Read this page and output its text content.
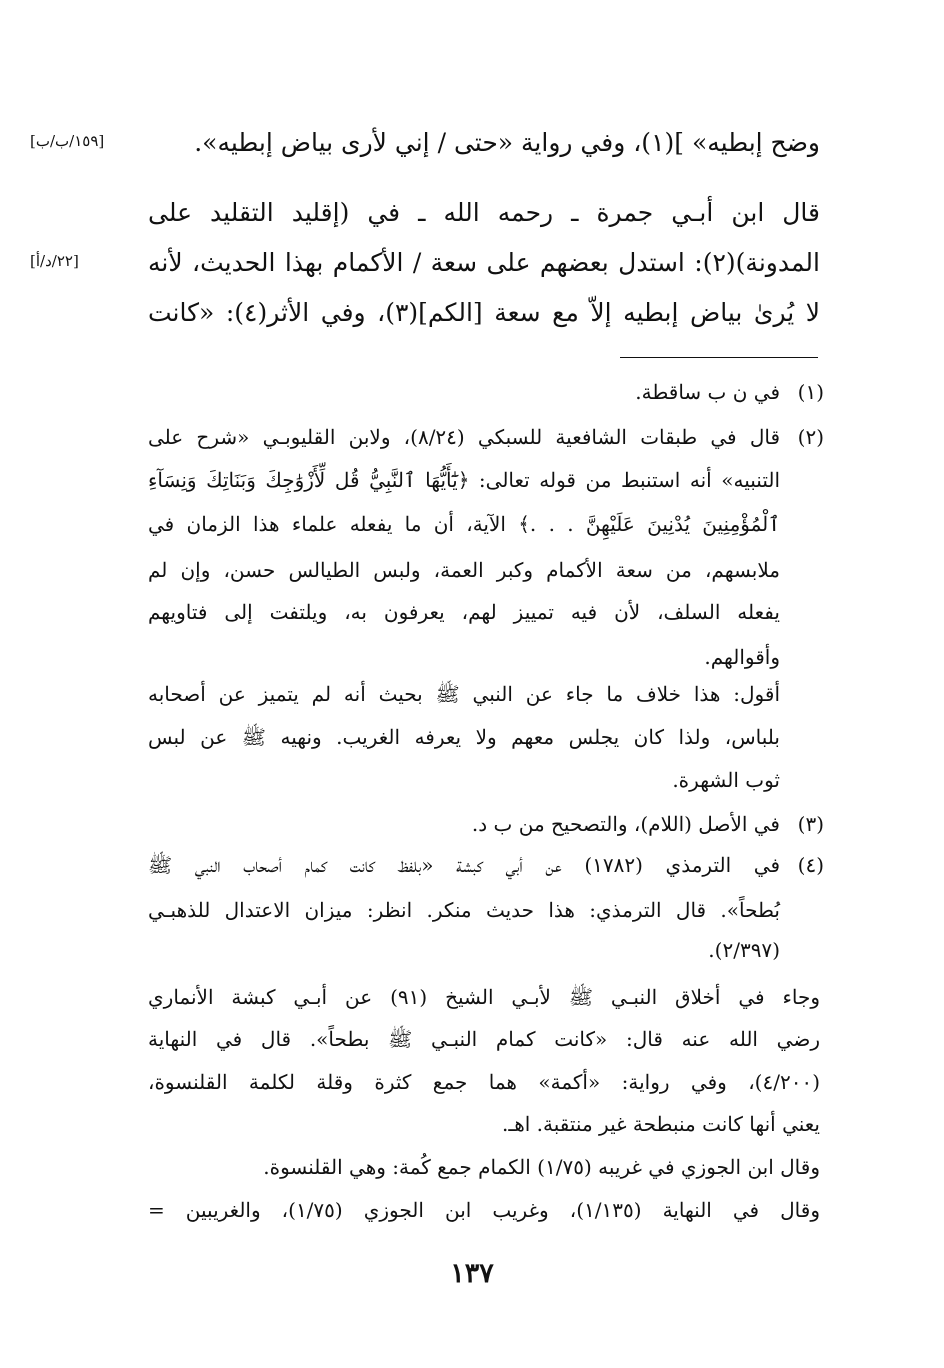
وضح إبطيه» ](١)، وفي رواية «حتى / إني لأرى بياض إبطيه».
قال ابن أبـي جمرة ـ رحمه الله ـ في (إقليد التقليد على
المدونة)(٢): استدل بعضهم على سعة / الأكمام بهذا الحديث، لأنه
لا يُرىٰ بياض إبطيه إلاّ مع سعة [الكم](٣)، وفي الأثر(٤): «كانت
[١٥٩/ب/ب]
[٢٢/د/أ]
(١)
(٢)
(٣)
(٤)
في ن ب ساقطة.
قال في طبقات الشافعية للسبكي (٨/٢٤)، ولابن القليوبـي «شرح على
التنبيه» أنه استنبط من قوله تعالى: ﴿يَٰٓأَيُّهَا ٱلنَّبِيُّ قُل لِّأَزْوَٰجِكَ وَبَنَاتِكَ وَنِسَآءِ
ٱلْمُؤْمِنِينَ يُدْنِينَ عَلَيْهِنَّ . . .﴾ الآية، أن ما يفعله علماء هذا الزمان في
ملابسهم، من سعة الأكمام وكبر العمة، ولبس الطيالس حسن، وإن لم
يفعله السلف، لأن فيه تمييز لهم، يعرفون به، ويلتفت إلى فتاويهم
وأقوالهم.
أقول: هذا خلاف ما جاء عن النبي ﷺ بحيث أنه لم يتميز عن أصحابه
بلباس، ولذا كان يجلس معهم ولا يعرفه الغريب. ونهيه ﷺ عن لبس
ثوب الشهرة.
في الأصل (اللام)، والتصحيح من ب د.
في الترمذي (١٧٨٢) عن أبي كبشة «بلفظ كانت كمام أصحاب النبي ﷺ
بُطحاً». قال الترمذي: هذا حديث منكر. انظر: ميزان الاعتدال للذهبـي
(٢/٣٩٧).
وجاء في أخلاق النبـي ﷺ لأبـي الشيخ (٩١) عن أبـي كبشة الأنماري
رضي الله عنه قال: «كانت كمام النبـي ﷺ بطحاً». قال في النهاية
(٤/٢٠٠)، وفي رواية: «أكمة» هما جمع كثرة وقلة لكلمة القلنسوة،
يعني أنها كانت منبطحة غير منتقبة. اهـ.
وقال ابن الجوزي في غريبه (١/٧٥) الكمام جمع كُمة: وهي القلنسوة.
وقال في النهاية (١/١٣٥)، وغريب ابن الجوزي (١/٧٥)، والغريبين =
١٣٧
